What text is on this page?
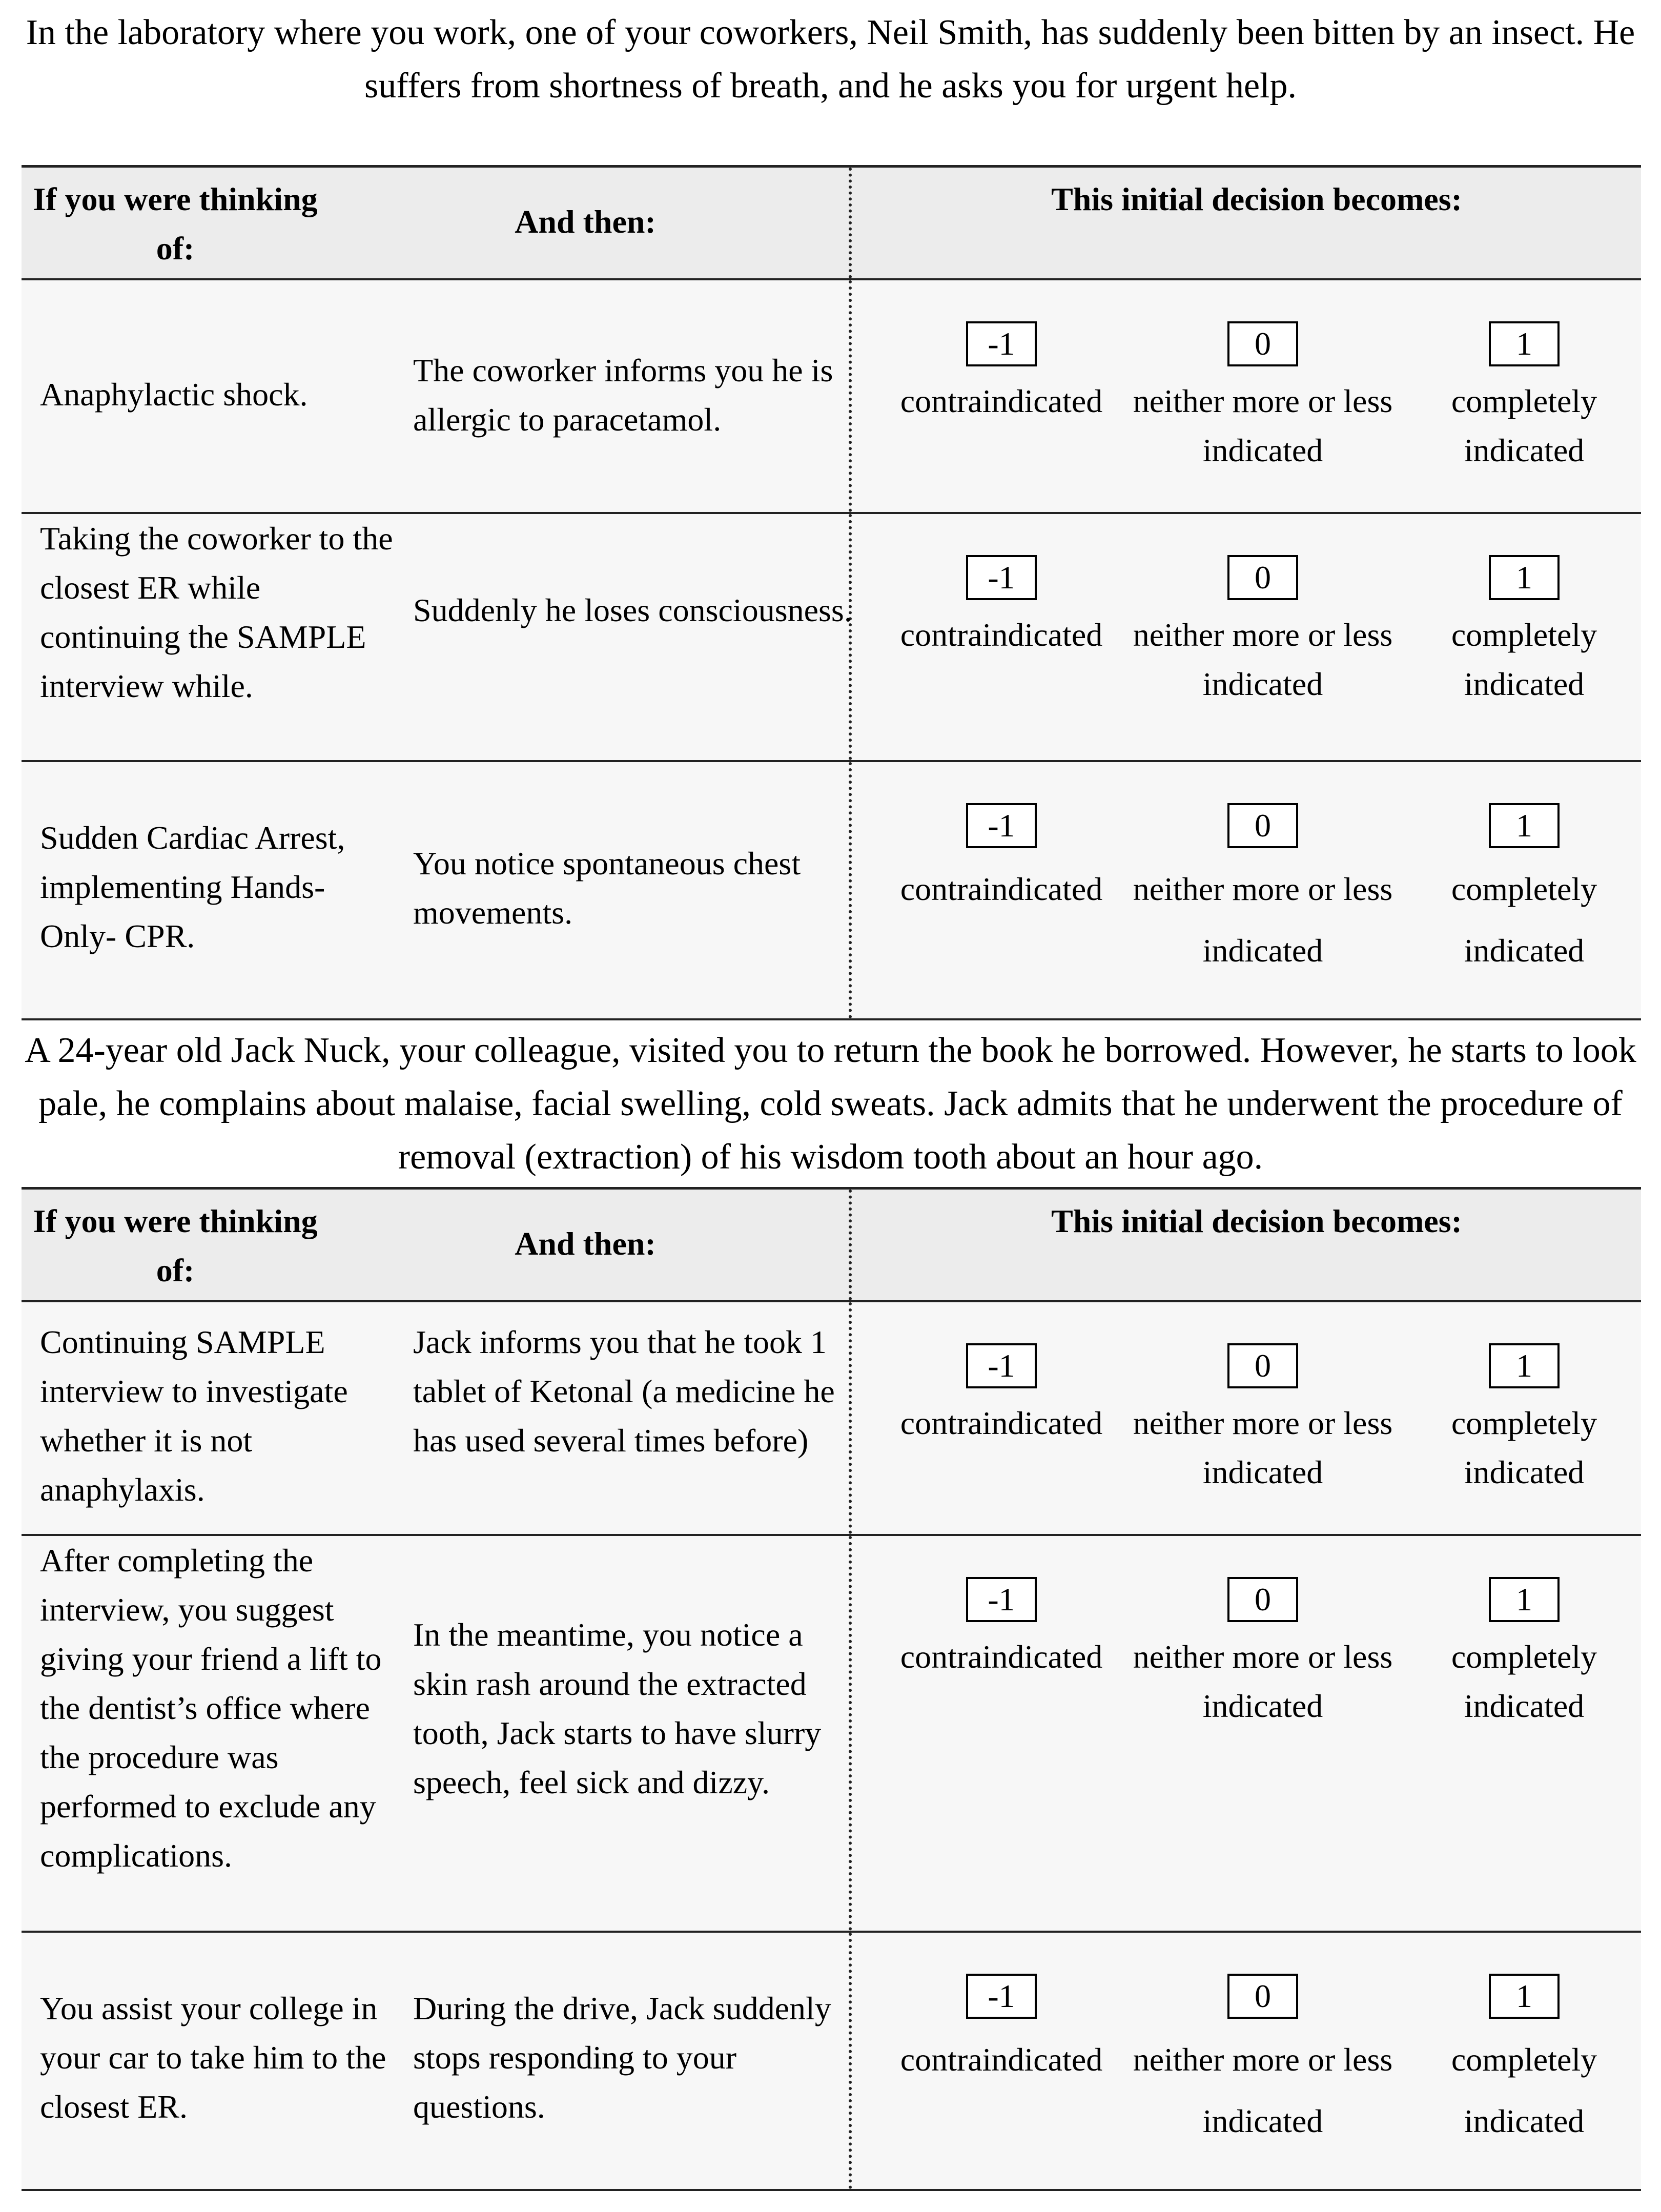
In the laboratory where you work, one of your coworkers, Neil Smith, has suddenly been bitten by an insect. He suffers from shortness of breath, and he asks you for urgent help.
If you were thinking of:
And then:
This initial decision becomes:
Anaphylactic shock.
The coworker informs you he is allergic to paracetamol.
-1
contraindicated
0
neither more or less indicated
1
completely indicated
Taking the coworker to the closest ER while continuing the SAMPLE interview while.
Suddenly he loses consciousness.
-1
contraindicated
0
neither more or less indicated
1
completely indicated
Sudden Cardiac Arrest, implementing Hands-Only- CPR.
You notice spontaneous chest movements.
-1
contraindicated
0
neither more or less indicated
1
completely indicated
A 24-year old Jack Nuck, your colleague, visited you to return the book he borrowed. However, he starts to look pale, he complains about malaise, facial swelling, cold sweats. Jack admits that he underwent the procedure of removal (extraction) of his wisdom tooth about an hour ago.
If you were thinking of:
And then:
This initial decision becomes:
Continuing SAMPLE interview to investigate whether it is not anaphylaxis.
Jack informs you that he took 1 tablet of Ketonal (a medicine he has used several times before)
-1
contraindicated
0
neither more or less indicated
1
completely indicated
After completing the interview, you suggest giving your friend a lift to the dentist’s office where the procedure was performed to exclude any complications.
In the meantime, you notice a skin rash around the extracted tooth, Jack starts to have slurry speech, feel sick and dizzy.
-1
contraindicated
0
neither more or less indicated
1
completely indicated
You assist your college in your car to take him to the closest ER.
During the drive, Jack suddenly stops responding to your questions.
-1
contraindicated
0
neither more or less indicated
1
completely indicated
